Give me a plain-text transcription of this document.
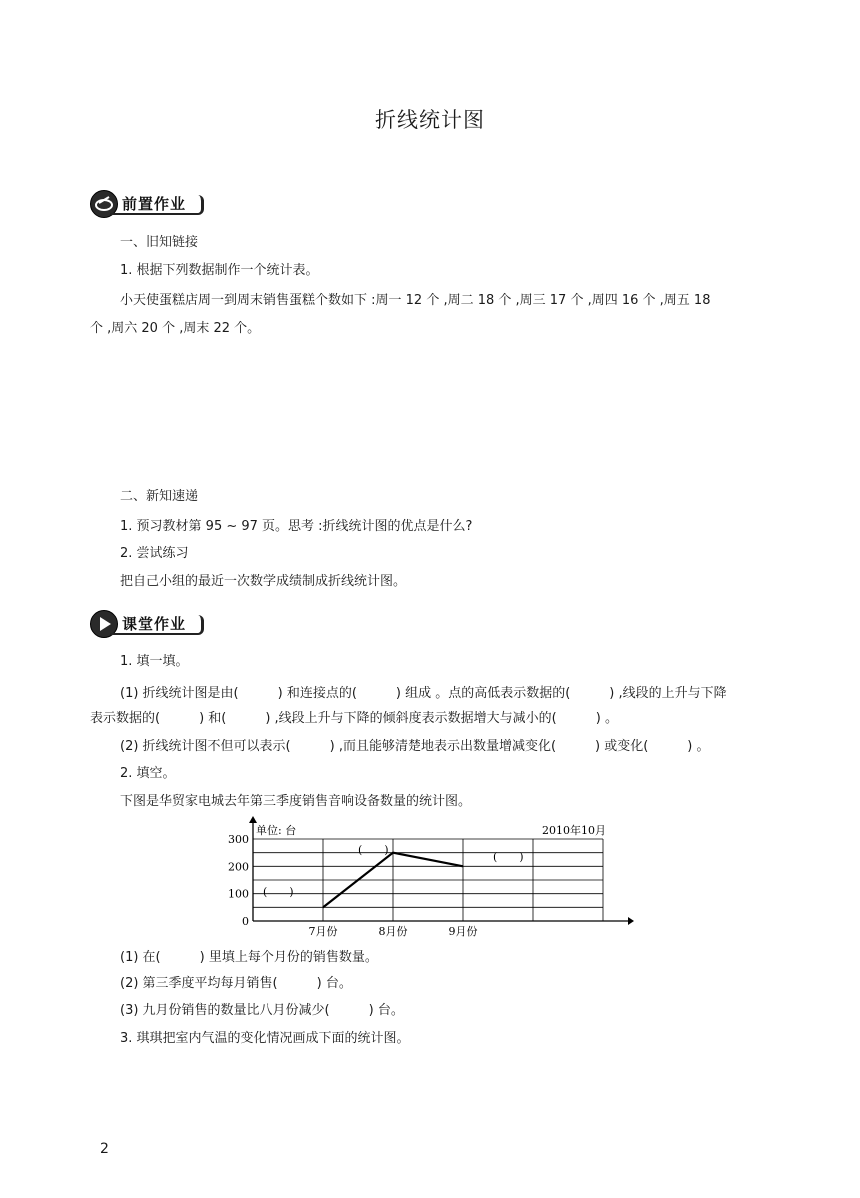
折线统计图
前置作业
一、旧知链接
1. 根据下列数据制作一个统计表。
小天使蛋糕店周一到周末销售蛋糕个数如下 :周一 12 个 ,周二 18 个 ,周三 17 个 ,周四 16 个 ,周五 18
个 ,周六 20 个 ,周末 22 个。
二、新知速递
1. 预习教材第 95 ~ 97 页。思考 :折线统计图的优点是什么?
2. 尝试练习
把自己小组的最近一次数学成绩制成折线统计图。
课堂作业
1. 填一填。
(1) 折线统计图是由(　　　) 和连接点的(　　　) 组成 。点的高低表示数据的(　　　) ,线段的上升与下降
表示数据的(　　　) 和(　　　) ,线段上升与下降的倾斜度表示数据增大与减小的(　　　) 。
(2) 折线统计图不但可以表示(　　　) ,而且能够清楚地表示出数量增减变化(　　　) 或变化(　　　) 。
2. 填空。
下图是华贸家电城去年第三季度销售音响设备数量的统计图。
单位: 台	2010年10月
0
100
200
300
7月份	8月份	9月份
(　　)
(　　)
(　　)
(1) 在(　　　) 里填上每个月份的销售数量。
(2) 第三季度平均每月销售(　　　) 台。
(3) 九月份销售的数量比八月份减少(　　　) 台。
3. 琪琪把室内气温的变化情况画成下面的统计图。
2
